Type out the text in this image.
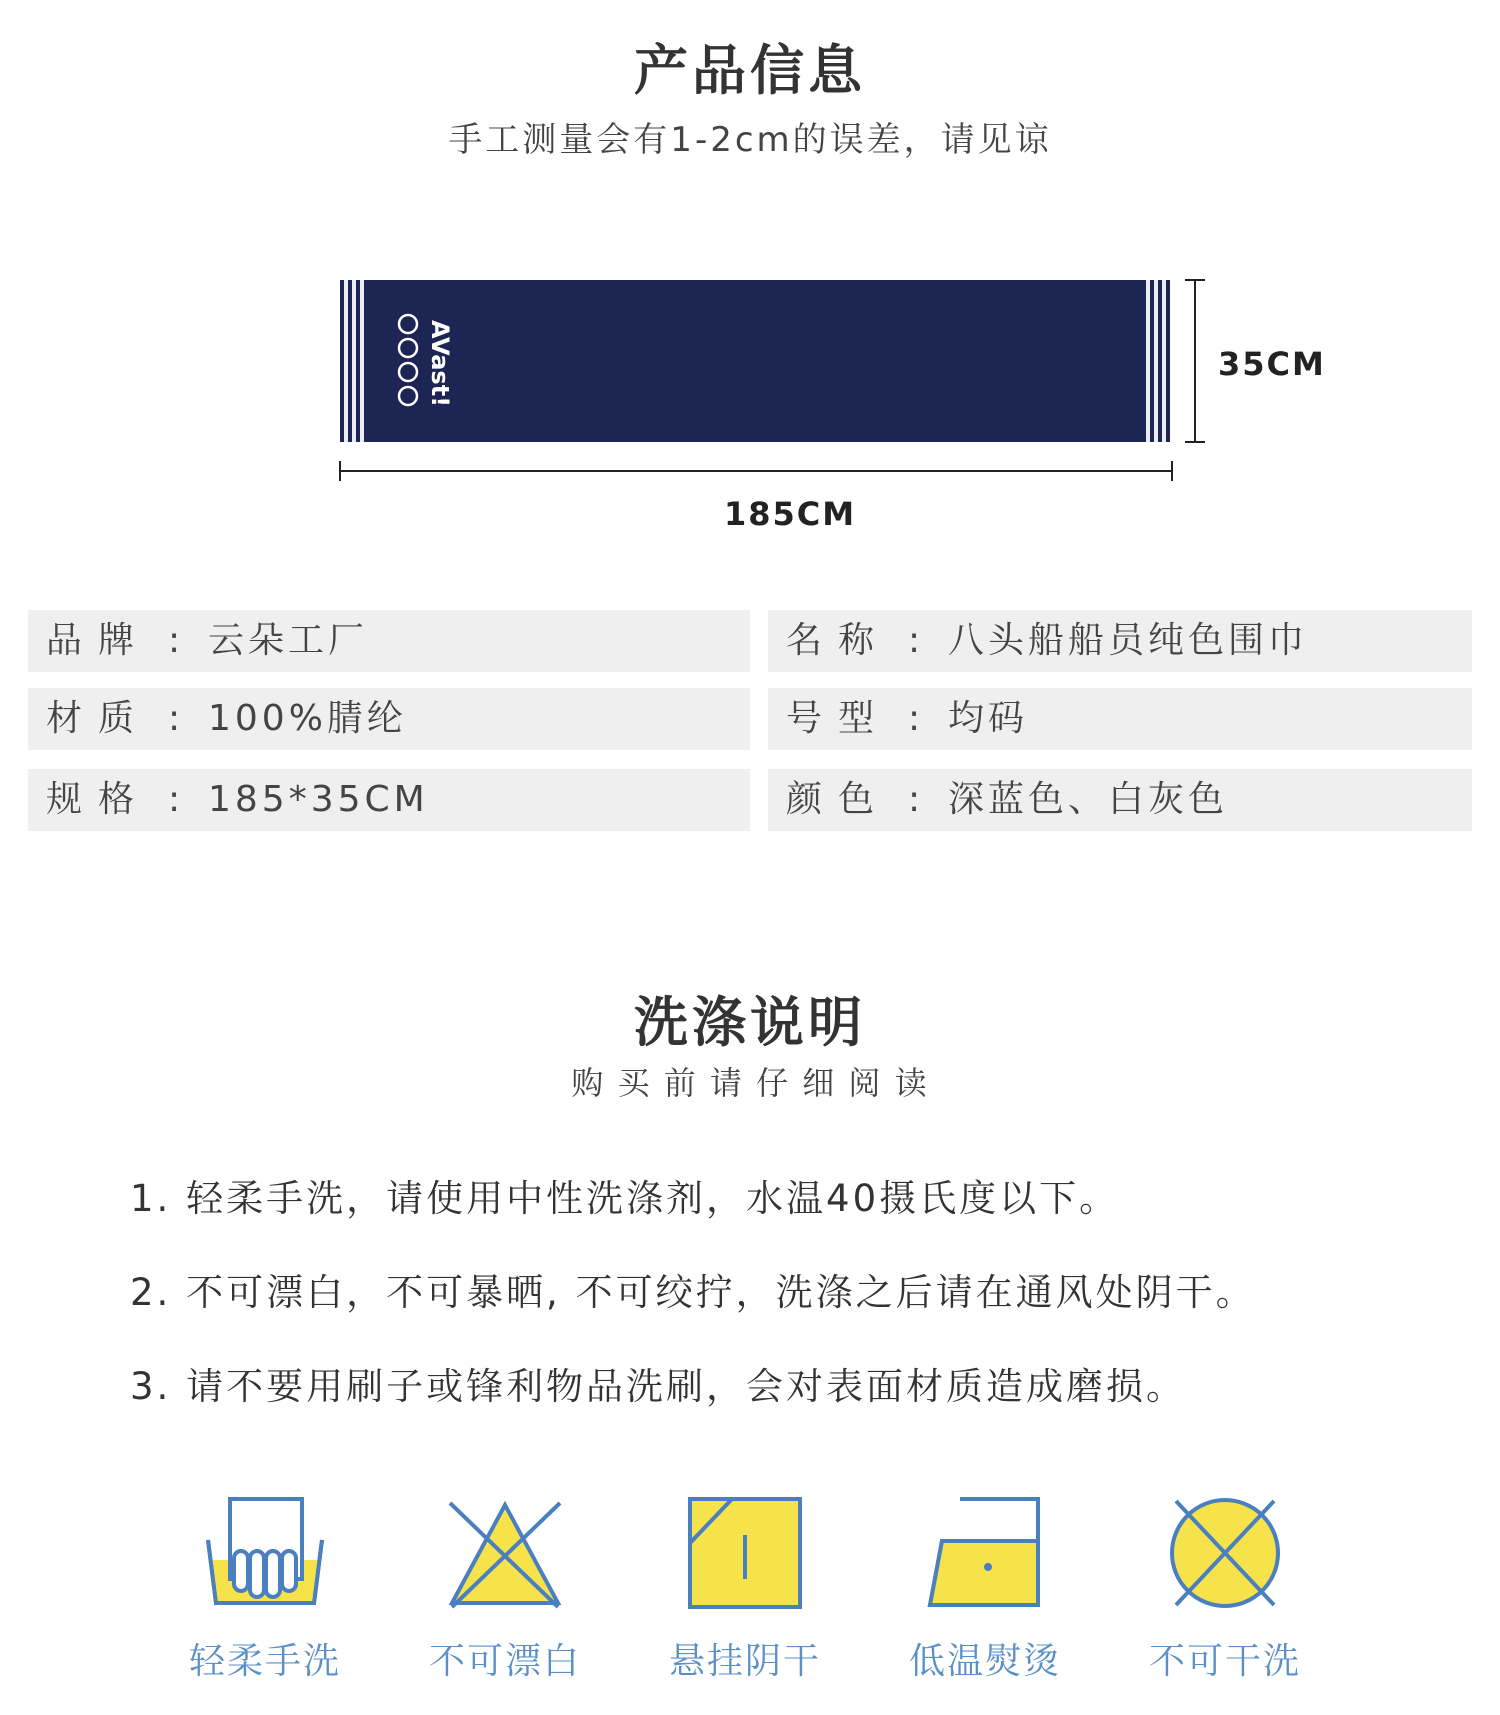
产品信息
手工测量会有1-2cm的误差，请见谅
AVast!	35CM
185CM
品牌 : 云朵工厂
材质 : 100%腈纶
规格 : 185*35CM
名称 : 八头船船员纯色围巾
号型 : 均码
颜色 : 深蓝色、白灰色
洗涤说明
购 买 前 请 仔 细 阅 读
1. 轻柔手洗，请使用中性洗涤剂，水温40摄氏度以下。
2. 不可漂白，不可暴晒, 不可绞拧，洗涤之后请在通风处阴干。
3. 请不要用刷子或锋利物品洗刷，会对表面材质造成磨损。
轻柔手洗	不可漂白	悬挂阴干	低温熨烫	不可干洗
